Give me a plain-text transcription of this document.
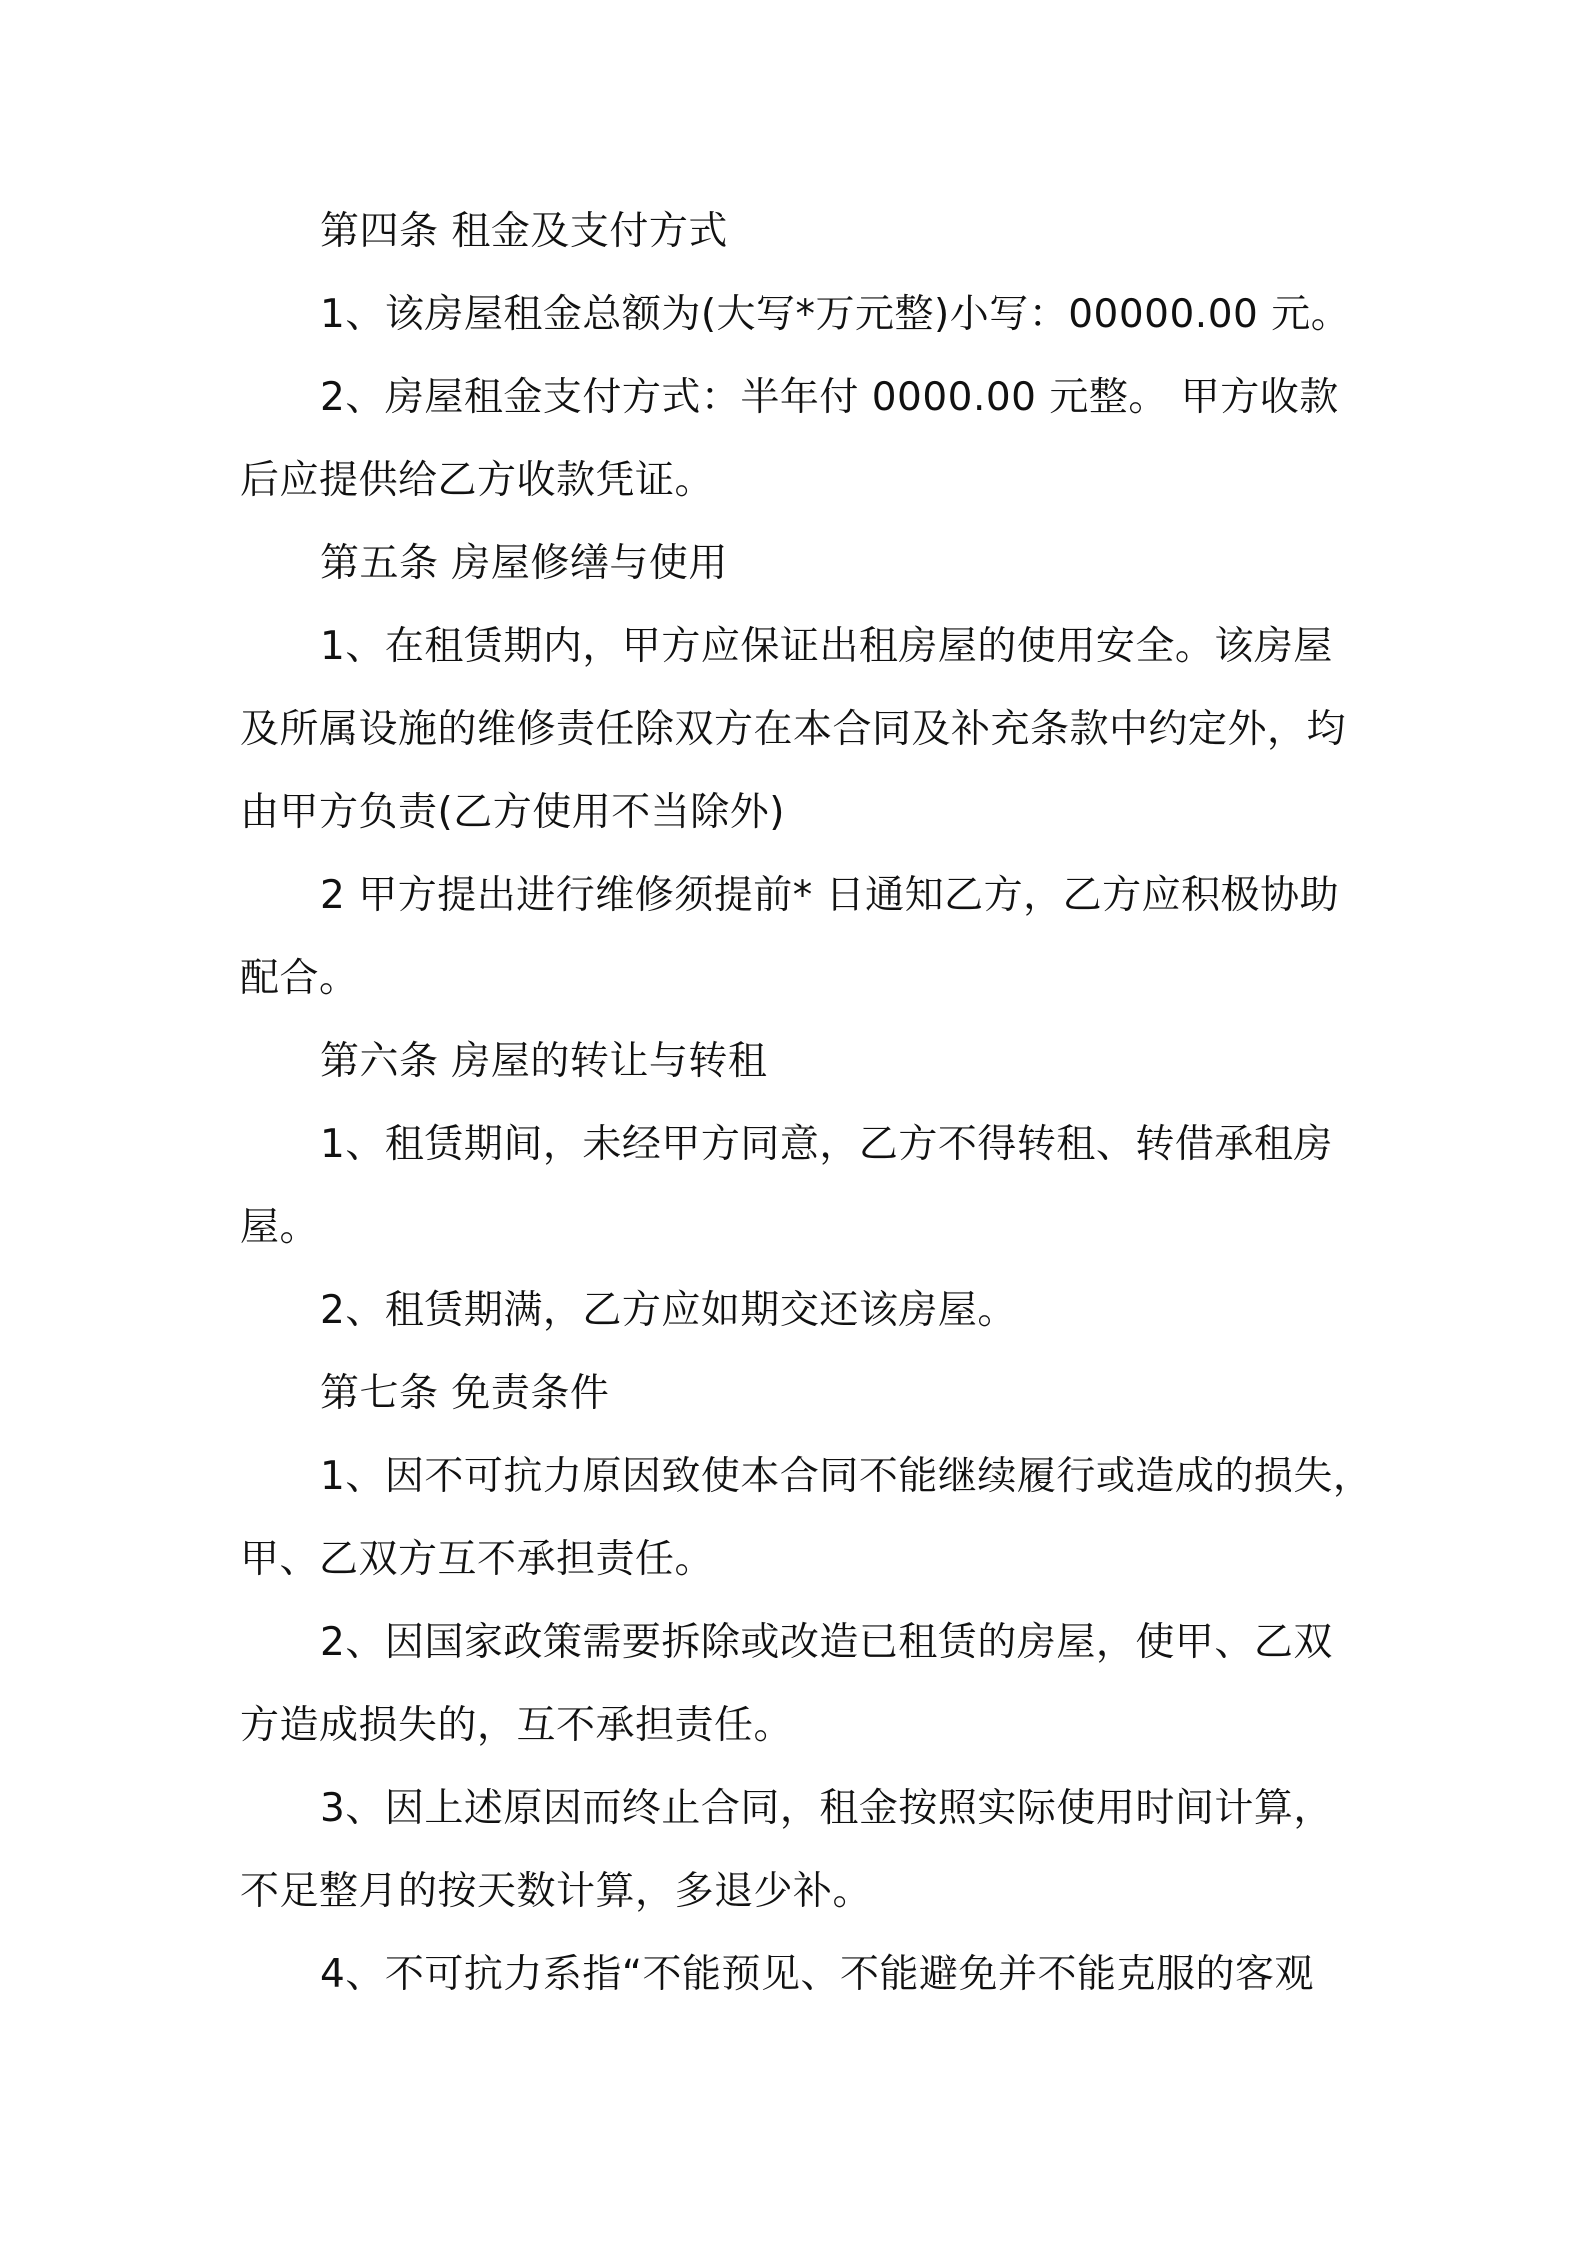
第四条 租金及支付方式
1、该房屋租金总额为(大写*万元整)小写：00000.00 元。
2、房屋租金支付方式：半年付 0000.00 元整。 甲方收款
后应提供给乙方收款凭证。
第五条 房屋修缮与使用
1、在租赁期内，甲方应保证出租房屋的使用安全。该房屋
及所属设施的维修责任除双方在本合同及补充条款中约定外，均
由甲方负责(乙方使用不当除外)
2 甲方提出进行维修须提前* 日通知乙方，乙方应积极协助
配合。
第六条 房屋的转让与转租
1、租赁期间，未经甲方同意，乙方不得转租、转借承租房
屋。
2、租赁期满，乙方应如期交还该房屋。
第七条 免责条件
1、因不可抗力原因致使本合同不能继续履行或造成的损失，
甲、乙双方互不承担责任。
2、因国家政策需要拆除或改造已租赁的房屋，使甲、乙双
方造成损失的，互不承担责任。
3、因上述原因而终止合同，租金按照实际使用时间计算，
不足整月的按天数计算，多退少补。
4、不可抗力系指“不能预见、不能避免并不能克服的客观
